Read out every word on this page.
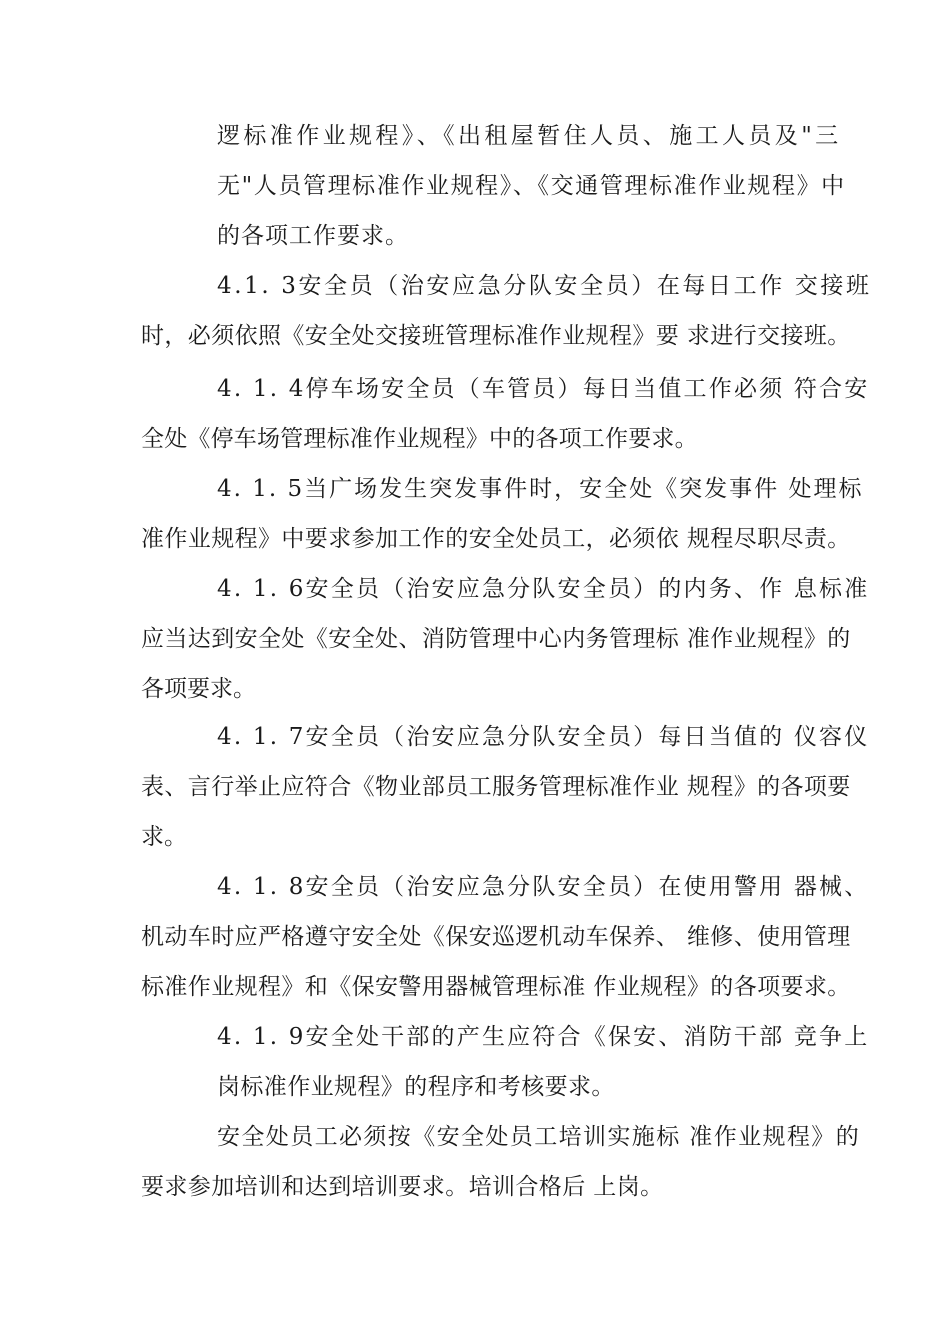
逻标准作业规程》、《出租屋暂住人员、施工人员及"三

无"人员管理标准作业规程》、《交通管理标准作业规程》中

的各项工作要求。

4.1. 3安全员（治安应急分队安全员）在每日工作 交接班

时，必须依照《安全处交接班管理标准作业规程》要 求进行交接班。

4. 1. 4停车场安全员（车管员）每日当值工作必须 符合安

全处《停车场管理标准作业规程》中的各项工作要求。

4. 1. 5当广场发生突发事件时，安全处《突发事件 处理标

准作业规程》中要求参加工作的安全处员工，必须依 规程尽职尽责。

4. 1. 6安全员（治安应急分队安全员）的内务、作 息标准

应当达到安全处《安全处、消防管理中心内务管理标 准作业规程》的

各项要求。

4. 1. 7安全员（治安应急分队安全员）每日当值的 仪容仪

表、言行举止应符合《物业部员工服务管理标准作业 规程》的各项要

求。

4. 1. 8安全员（治安应急分队安全员）在使用警用 器械、

机动车时应严格遵守安全处《保安巡逻机动车保养、 维修、使用管理

标准作业规程》和《保安警用器械管理标准 作业规程》的各项要求。

4. 1. 9安全处干部的产生应符合《保安、消防干部 竞争上

岗标准作业规程》的程序和考核要求。

安全处员工必须按《安全处员工培训实施标 准作业规程》的

要求参加培训和达到培训要求。培训合格后 上岗。
